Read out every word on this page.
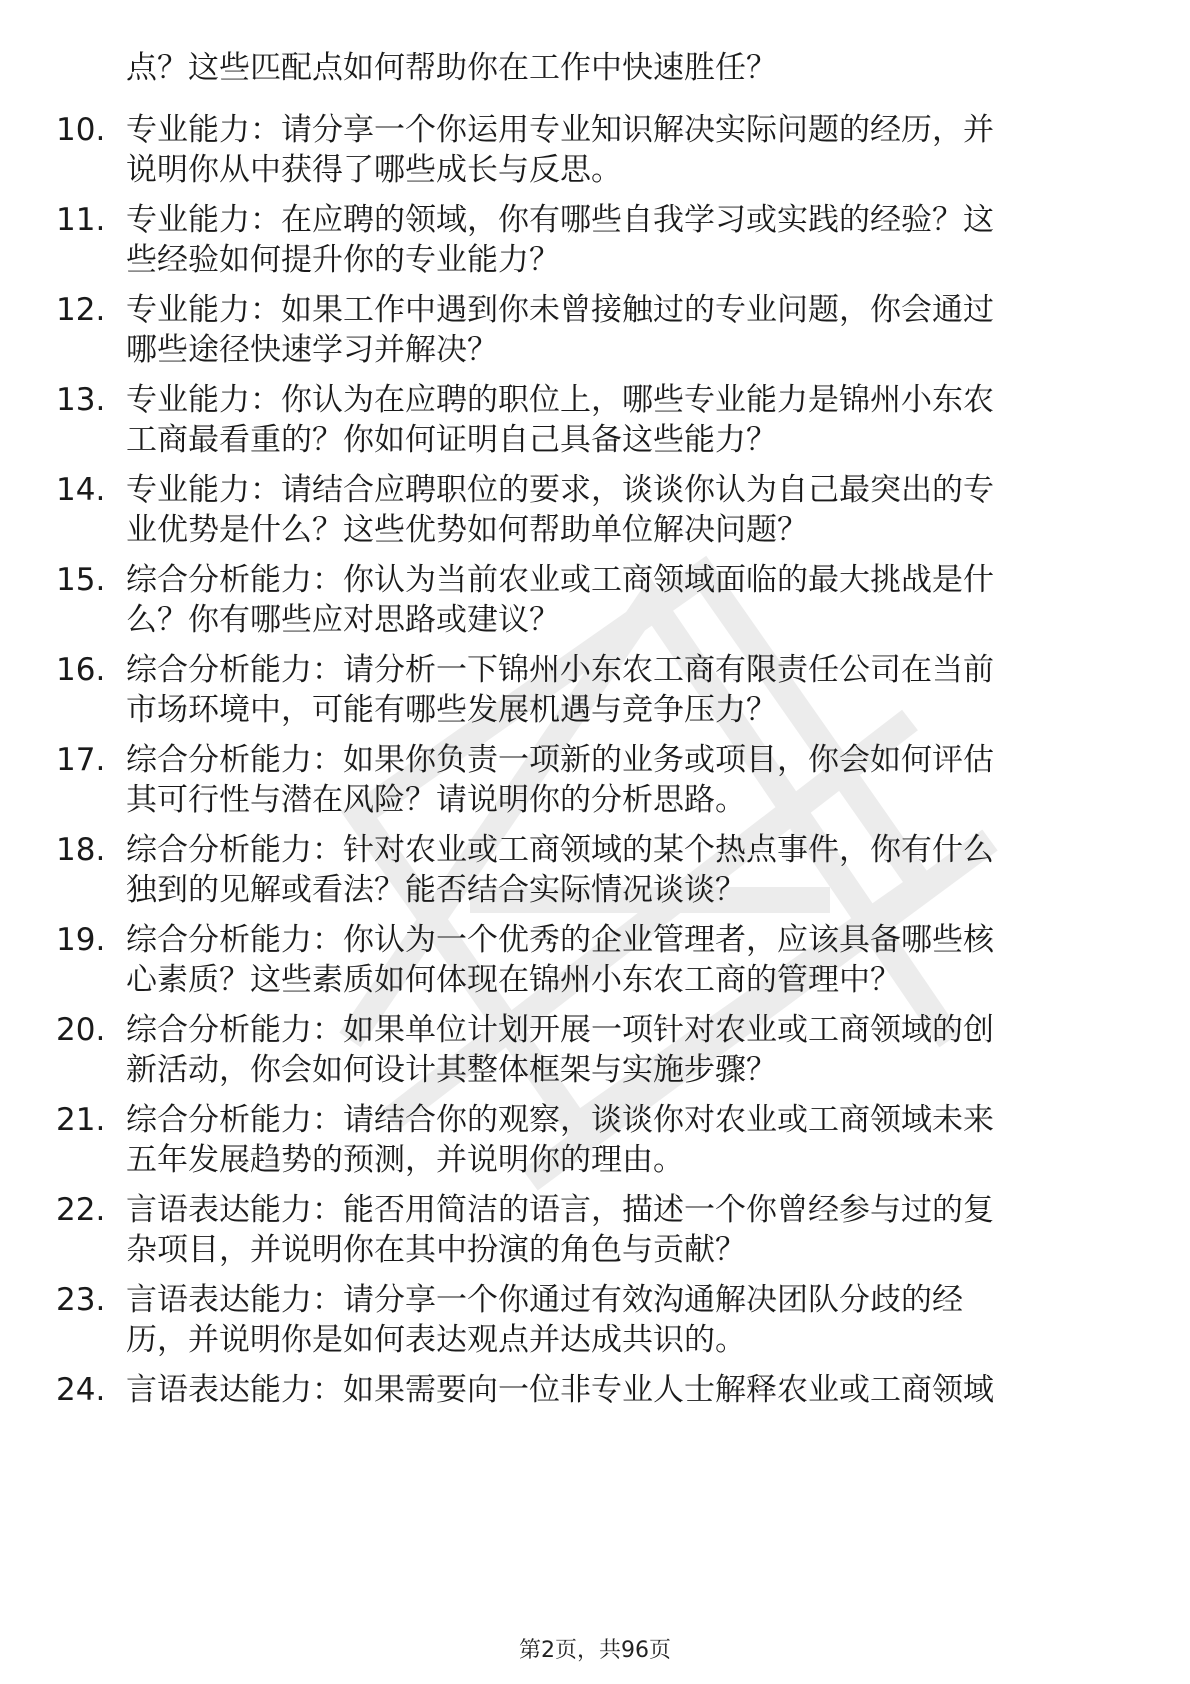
点？这些匹配点如何帮助你在工作中快速胜任？

10. 专业能力：请分享一个你运用专业知识解决实际问题的经历，并
说明你从中获得了哪些成长与反思。
11. 专业能力：在应聘的领域，你有哪些自我学习或实践的经验？这
些经验如何提升你的专业能力？
12. 专业能力：如果工作中遇到你未曾接触过的专业问题，你会通过
哪些途径快速学习并解决？
13. 专业能力：你认为在应聘的职位上，哪些专业能力是锦州小东农
工商最看重的？你如何证明自己具备这些能力？
14. 专业能力：请结合应聘职位的要求，谈谈你认为自己最突出的专
业优势是什么？这些优势如何帮助单位解决问题？
15. 综合分析能力：你认为当前农业或工商领域面临的最大挑战是什
么？你有哪些应对思路或建议？
16. 综合分析能力：请分析一下锦州小东农工商有限责任公司在当前
市场环境中，可能有哪些发展机遇与竞争压力？
17. 综合分析能力：如果你负责一项新的业务或项目，你会如何评估
其可行性与潜在风险？请说明你的分析思路。
18. 综合分析能力：针对农业或工商领域的某个热点事件，你有什么
独到的见解或看法？能否结合实际情况谈谈？
19. 综合分析能力：你认为一个优秀的企业管理者，应该具备哪些核
心素质？这些素质如何体现在锦州小东农工商的管理中？
20. 综合分析能力：如果单位计划开展一项针对农业或工商领域的创
新活动，你会如何设计其整体框架与实施步骤？
21. 综合分析能力：请结合你的观察，谈谈你对农业或工商领域未来
五年发展趋势的预测，并说明你的理由。
22. 言语表达能力：能否用简洁的语言，描述一个你曾经参与过的复
杂项目，并说明你在其中扮演的角色与贡献？
23. 言语表达能力：请分享一个你通过有效沟通解决团队分歧的经
历，并说明你是如何表达观点并达成共识的。
24. 言语表达能力：如果需要向一位非专业人士解释农业或工商领域
第2页，共96页
